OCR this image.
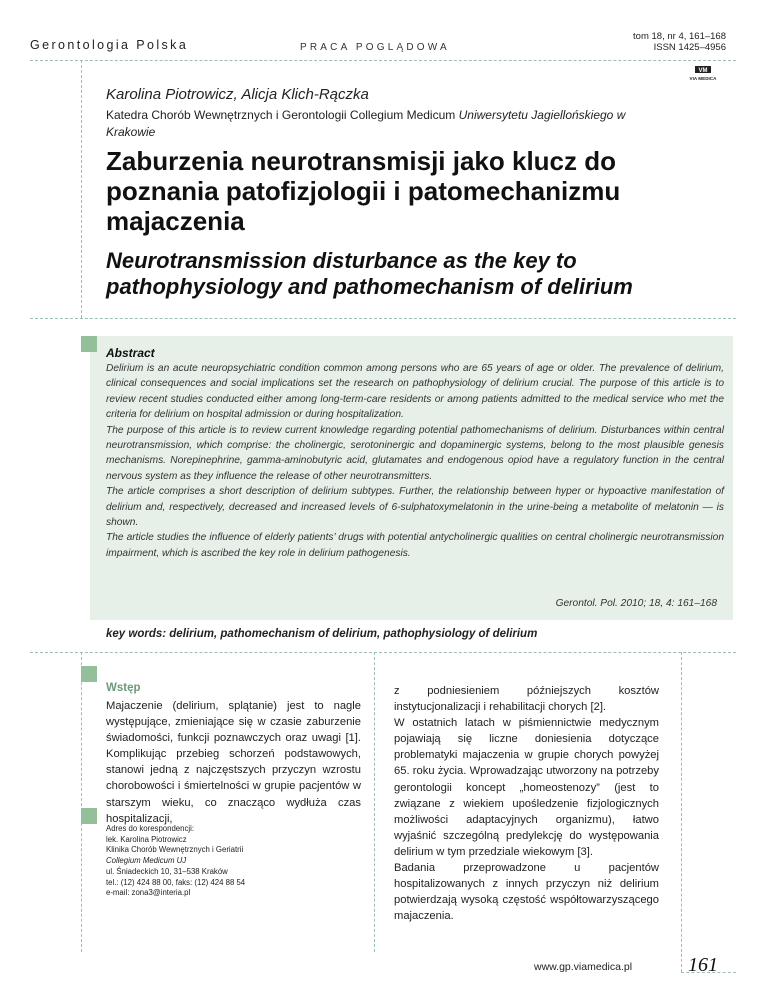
Gerontologia Polska	PRACA POGLĄDOWA
tom 18, nr 4, 161–168
ISSN 1425–4956
VM
VIA MEDICA
Karolina Piotrowicz, Alicja Klich-Rączka
Katedra Chorób Wewnętrznych i Gerontologii Collegium Medicum Uniwersytetu Jagiellońskiego w Krakowie
Zaburzenia neurotransmisji jako klucz do poznania patofizjologii i patomechanizmu majaczenia
Neurotransmission disturbance as the key to pathophysiology and pathomechanism of delirium
Abstract

Delirium is an acute neuropsychiatric condition common among persons who are 65 years of age or older. The prevalence of delirium, clinical consequences and social implications set the research on pathophysiology of delirium crucial. The purpose of this article is to review recent studies conducted either among long-term-care residents or among patients admitted to the medical service who met the criteria for delirium on hospital admission or during hospitalization.

The purpose of this article is to review current knowledge regarding potential pathomechanisms of delirium. Disturbances within central neurotransmission, which comprise: the cholinergic, serotoninergic and dopaminergic systems, belong to the most plausible genesis mechanisms. Norepinephrine, gamma-aminobutyric acid, glutamates and endogenous opiod have a regulatory function in the central nervous system as they influence the release of other neurotransmitters.

The article comprises a short description of delirium subtypes. Further, the relationship between hyper or hypoactive manifestation of delirium and, respectively, decreased and increased levels of 6-sulphatoxymelatonin in the urine-being a metabolite of melatonin — is shown.

The article studies the influence of elderly patients’ drugs with potential antycholinergic qualities on central cholinergic neurotransmission impairment, which is ascribed the key role in delirium pathogenesis.

Gerontol. Pol. 2010; 18, 4: 161–168
key words: delirium, pathomechanism of delirium, pathophysiology of delirium
Wstęp
Majaczenie (delirium, splątanie) jest to nagle występujące, zmieniające się w czasie zaburzenie świadomości, funkcji poznawczych oraz uwagi [1]. Komplikując przebieg schorzeń podstawowych, stanowi jedną z najczęstszych przyczyn wzrostu chorobowości i śmiertelności w grupie pacjentów w starszym wieku, co znacząco wydłuża czas hospitalizacji,
z podniesieniem późniejszych kosztów instytucjonalizacji i rehabilitacji chorych [2].
W ostatnich latach w piśmiennictwie medycznym pojawiają się liczne doniesienia dotyczące problematyki majaczenia w grupie chorych powyżej 65. roku życia. Wprowadzając utworzony na potrzeby gerontologii koncept „homeostenozy” (jest to związane z wiekiem upośledzenie fizjologicznych możliwości adaptacyjnych organizmu), łatwo wyjaśnić szczególną predylekcję do występowania delirium w tym przedziale wiekowym [3].
Badania przeprowadzone u pacjentów hospitalizowanych z innych przyczyn niż delirium potwierdzają wysoką częstość współtowarzyszącego majaczenia.
Adres do korespondencji:
lek. Karolina Piotrowicz
Klinika Chorób Wewnętrznych i Geriatrii
Collegium Medicum UJ
ul. Śniadeckich 10, 31–538 Kraków
tel.: (12) 424 88 00, faks: (12) 424 88 54
e-mail: zona3@interia.pl
www.gp.viamedica.pl	161
